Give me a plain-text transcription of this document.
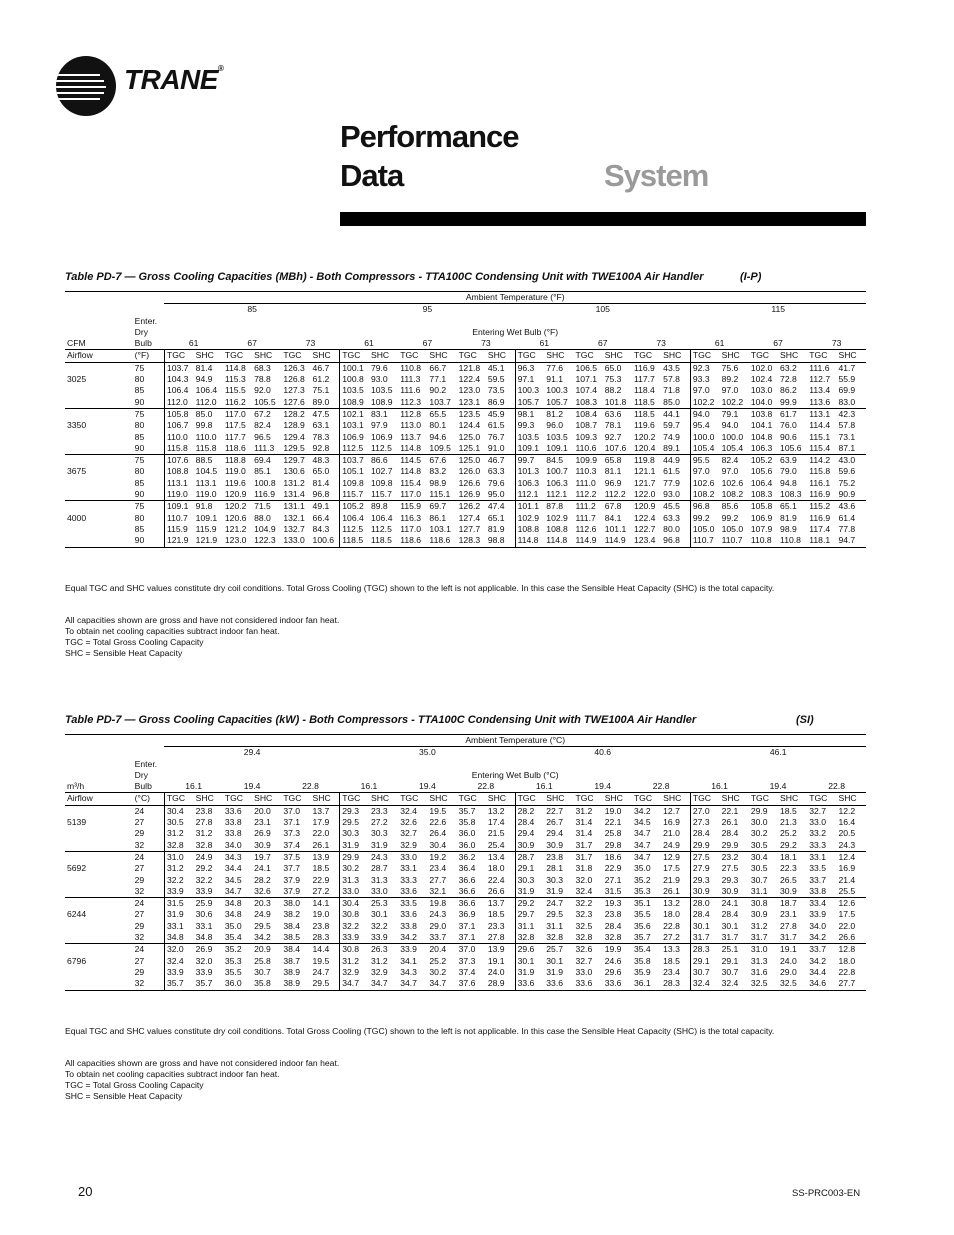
TRANE®
Performance
Data	System
Table PD-7 — Gross Cooling Capacities (MBh) - Both Compressors - TTA100C Condensing Unit with TWE100A Air Handler	(I-P)
		Ambient Temperature (°F)																							
		85						95						105						115					
	Enter.																								
	Dry	Entering Wet Bulb (°F)																							
CFM	Bulb	61		67		73		61		67		73		61		67		73		61		67		73	
Airflow	(°F)	TGC	SHC	TGC	SHC	TGC	SHC	TGC	SHC	TGC	SHC	TGC	SHC	TGC	SHC	TGC	SHC	TGC	SHC	TGC	SHC	TGC	SHC	TGC	SHC
	75	103.7	81.4	114.8	68.3	126.3	46.7	100.1	79.6	110.8	66.7	121.8	45.1	96.3	77.6	106.5	65.0	116.9	43.5	92.3	75.6	102.0	63.2	111.6	41.7
3025	80	104.3	94.9	115.3	78.8	126.8	61.2	100.8	93.0	111.3	77.1	122.4	59.5	97.1	91.1	107.1	75.3	117.7	57.8	93.3	89.2	102.4	72.8	112.7	55.9
	85	106.4	106.4	115.5	92.0	127.3	75.1	103.5	103.5	111.6	90.2	123.0	73.5	100.3	100.3	107.4	88.2	118.4	71.8	97.0	97.0	103.0	86.2	113.4	69.9
	90	112.0	112.0	116.2	105.5	127.6	89.0	108.9	108.9	112.3	103.7	123.1	86.9	105.7	105.7	108.3	101.8	118.5	85.0	102.2	102.2	104.0	99.9	113.6	83.0
	75	105.8	85.0	117.0	67.2	128.2	47.5	102.1	83.1	112.8	65.5	123.5	45.9	98.1	81.2	108.4	63.6	118.5	44.1	94.0	79.1	103.8	61.7	113.1	42.3
3350	80	106.7	99.8	117.5	82.4	128.9	63.1	103.1	97.9	113.0	80.1	124.4	61.5	99.3	96.0	108.7	78.1	119.6	59.7	95.4	94.0	104.1	76.0	114.4	57.8
	85	110.0	110.0	117.7	96.5	129.4	78.3	106.9	106.9	113.7	94.6	125.0	76.7	103.5	103.5	109.3	92.7	120.2	74.9	100.0	100.0	104.8	90.6	115.1	73.1
	90	115.8	115.8	118.6	111.3	129.5	92.8	112.5	112.5	114.8	109.5	125.1	91.0	109.1	109.1	110.6	107.6	120.4	89.1	105.4	105.4	106.3	105.6	115.4	87.1
	75	107.6	88.5	118.8	69.4	129.7	48.3	103.7	86.6	114.5	67.6	125.0	46.7	99.7	84.5	109.9	65.8	119.8	44.9	95.5	82.4	105.2	63.9	114.2	43.0
3675	80	108.8	104.5	119.0	85.1	130.6	65.0	105.1	102.7	114.8	83.2	126.0	63.3	101.3	100.7	110.3	81.1	121.1	61.5	97.0	97.0	105.6	79.0	115.8	59.6
	85	113.1	113.1	119.6	100.8	131.2	81.4	109.8	109.8	115.4	98.9	126.6	79.6	106.3	106.3	111.0	96.9	121.7	77.9	102.6	102.6	106.4	94.8	116.1	75.2
	90	119.0	119.0	120.9	116.9	131.4	96.8	115.7	115.7	117.0	115.1	126.9	95.0	112.1	112.1	112.2	112.2	122.0	93.0	108.2	108.2	108.3	108.3	116.9	90.9
	75	109.1	91.8	120.2	71.5	131.1	49.1	105.2	89.8	115.9	69.7	126.2	47.4	101.1	87.8	111.2	67.8	120.9	45.5	96.8	85.6	105.8	65.1	115.2	43.6
4000	80	110.7	109.1	120.6	88.0	132.1	66.4	106.4	106.4	116.3	86.1	127.4	65.1	102.9	102.9	111.7	84.1	122.4	63.3	99.2	99.2	106.9	81.9	116.9	61.4
	85	115.9	115.9	121.2	104.9	132.7	84.3	112.5	112.5	117.0	103.1	127.7	81.9	108.8	108.8	112.6	101.1	122.7	80.0	105.0	105.0	107.9	98.9	117.4	77.8
	90	121.9	121.9	123.0	122.3	133.0	100.6	118.5	118.5	118.6	118.6	128.3	98.8	114.8	114.8	114.9	114.9	123.4	96.8	110.7	110.7	110.8	110.8	118.1	94.7
Equal TGC and SHC values constitute dry coil conditions. Total Gross Cooling (TGC) shown to the left is not applicable. In this case the Sensible Heat Capacity (SHC) is the total capacity.
All capacities shown are gross and have not considered indoor fan heat.
To obtain net cooling capacities subtract indoor fan heat.
TGC = Total Gross Cooling Capacity
SHC = Sensible Heat Capacity
Table PD-7 — Gross Cooling Capacities (kW) - Both Compressors - TTA100C Condensing Unit with TWE100A Air Handler	(SI)
		Ambient Temperature (°C)																							
		29.4						35.0						40.6						46.1					
	Enter.																								
	Dry	Entering Wet Bulb (°C)																							
m³/h	Bulb	16.1		19.4		22.8		16.1		19.4		22.8		16.1		19.4		22.8		16.1		19.4		22.8	
Airflow	(°C)	TGC	SHC	TGC	SHC	TGC	SHC	TGC	SHC	TGC	SHC	TGC	SHC	TGC	SHC	TGC	SHC	TGC	SHC	TGC	SHC	TGC	SHC	TGC	SHC
	24	30.4	23.8	33.6	20.0	37.0	13.7	29.3	23.3	32.4	19.5	35.7	13.2	28.2	22.7	31.2	19.0	34.2	12.7	27.0	22.1	29.9	18.5	32.7	12.2
5139	27	30.5	27.8	33.8	23.1	37.1	17.9	29.5	27.2	32.6	22.6	35.8	17.4	28.4	26.7	31.4	22.1	34.5	16.9	27.3	26.1	30.0	21.3	33.0	16.4
	29	31.2	31.2	33.8	26.9	37.3	22.0	30.3	30.3	32.7	26.4	36.0	21.5	29.4	29.4	31.4	25.8	34.7	21.0	28.4	28.4	30.2	25.2	33.2	20.5
	32	32.8	32.8	34.0	30.9	37.4	26.1	31.9	31.9	32.9	30.4	36.0	25.4	30.9	30.9	31.7	29.8	34.7	24.9	29.9	29.9	30.5	29.2	33.3	24.3
	24	31.0	24.9	34.3	19.7	37.5	13.9	29.9	24.3	33.0	19.2	36.2	13.4	28.7	23.8	31.7	18.6	34.7	12.9	27.5	23.2	30.4	18.1	33.1	12.4
5692	27	31.2	29.2	34.4	24.1	37.7	18.5	30.2	28.7	33.1	23.4	36.4	18.0	29.1	28.1	31.8	22.9	35.0	17.5	27.9	27.5	30.5	22.3	33.5	16.9
	29	32.2	32.2	34.5	28.2	37.9	22.9	31.3	31.3	33.3	27.7	36.6	22.4	30.3	30.3	32.0	27.1	35.2	21.9	29.3	29.3	30.7	26.5	33.7	21.4
	32	33.9	33.9	34.7	32.6	37.9	27.2	33.0	33.0	33.6	32.1	36.6	26.6	31.9	31.9	32.4	31.5	35.3	26.1	30.9	30.9	31.1	30.9	33.8	25.5
	24	31.5	25.9	34.8	20.3	38.0	14.1	30.4	25.3	33.5	19.8	36.6	13.7	29.2	24.7	32.2	19.3	35.1	13.2	28.0	24.1	30.8	18.7	33.4	12.6
6244	27	31.9	30.6	34.8	24.9	38.2	19.0	30.8	30.1	33.6	24.3	36.9	18.5	29.7	29.5	32.3	23.8	35.5	18.0	28.4	28.4	30.9	23.1	33.9	17.5
	29	33.1	33.1	35.0	29.5	38.4	23.8	32.2	32.2	33.8	29.0	37.1	23.3	31.1	31.1	32.5	28.4	35.6	22.8	30.1	30.1	31.2	27.8	34.0	22.0
	32	34.8	34.8	35.4	34.2	38.5	28.3	33.9	33.9	34.2	33.7	37.1	27.8	32.8	32.8	32.8	32.8	35.7	27.2	31.7	31.7	31.7	31.7	34.2	26.6
	24	32.0	26.9	35.2	20.9	38.4	14.4	30.8	26.3	33.9	20.4	37.0	13.9	29.6	25.7	32.6	19.9	35.4	13.3	28.3	25.1	31.0	19.1	33.7	12.8
6796	27	32.4	32.0	35.3	25.8	38.7	19.5	31.2	31.2	34.1	25.2	37.3	19.1	30.1	30.1	32.7	24.6	35.8	18.5	29.1	29.1	31.3	24.0	34.2	18.0
	29	33.9	33.9	35.5	30.7	38.9	24.7	32.9	32.9	34.3	30.2	37.4	24.0	31.9	31.9	33.0	29.6	35.9	23.4	30.7	30.7	31.6	29.0	34.4	22.8
	32	35.7	35.7	36.0	35.8	38.9	29.5	34.7	34.7	34.7	34.7	37.6	28.9	33.6	33.6	33.6	33.6	36.1	28.3	32.4	32.4	32.5	32.5	34.6	27.7
Equal TGC and SHC values constitute dry coil conditions. Total Gross Cooling (TGC) shown to the left is not applicable. In this case the Sensible Heat Capacity (SHC) is the total capacity.
All capacities shown are gross and have not considered indoor fan heat.
To obtain net cooling capacities subtract indoor fan heat.
TGC = Total Gross Cooling Capacity
SHC = Sensible Heat Capacity
20	SS-PRC003-EN
